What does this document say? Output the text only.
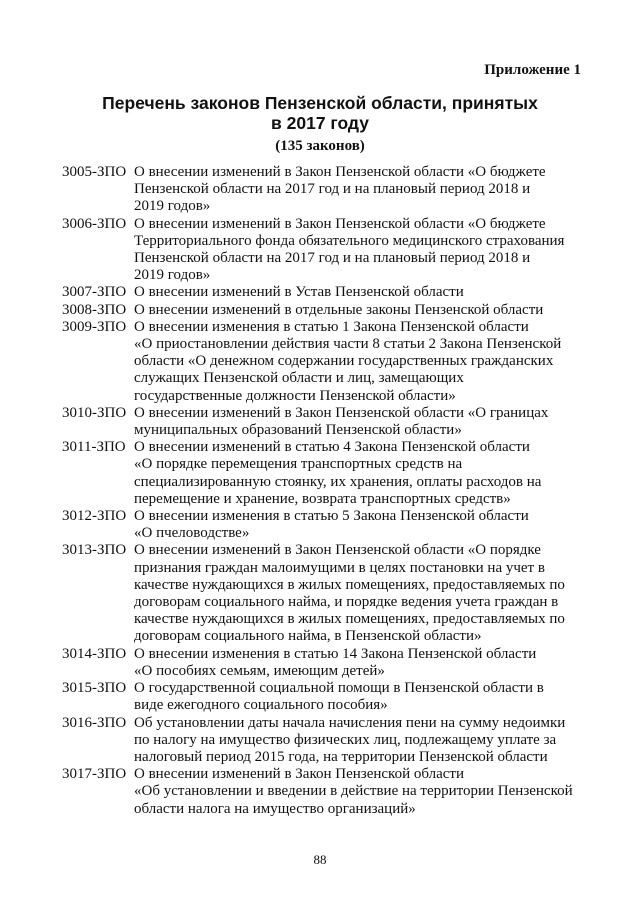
Приложение 1
Перечень законов Пензенской области, принятых
в 2017 году
(135 законов)
3005-ЗПО О внесении изменений в Закон Пензенской области «О бюджете
Пензенской области на 2017 год и на плановый период 2018 и
2019 годов»
3006-ЗПО О внесении изменений в Закон Пензенской области «О бюджете
Территориального фонда обязательного медицинского страхования
Пензенской области на 2017 год и на плановый период 2018 и
2019 годов»
3007-ЗПО О внесении изменений в Устав Пензенской области
3008-ЗПО О внесении изменений в отдельные законы Пензенской области
3009-ЗПО О внесении изменения в статью 1 Закона Пензенской области
«О приостановлении действия части 8 статьи 2 Закона Пензенской
области «О денежном содержании государственных гражданских
служащих Пензенской области и лиц, замещающих
государственные должности Пензенской области»
3010-ЗПО О внесении изменений в Закон Пензенской области «О границах
муниципальных образований Пензенской области»
3011-ЗПО О внесении изменений в статью 4 Закона Пензенской области
«О порядке перемещения транспортных средств на
специализированную стоянку, их хранения, оплаты расходов на
перемещение и хранение, возврата транспортных средств»
3012-ЗПО О внесении изменения в статью 5 Закона Пензенской области
«О пчеловодстве»
3013-ЗПО О внесении изменений в Закон Пензенской области «О порядке
признания граждан малоимущими в целях постановки на учет в
качестве нуждающихся в жилых помещениях, предоставляемых по
договорам социального найма, и порядке ведения учета граждан в
качестве нуждающихся в жилых помещениях, предоставляемых по
договорам социального найма, в Пензенской области»
3014-ЗПО О внесении изменения в статью 14 Закона Пензенской области
«О пособиях семьям, имеющим детей»
3015-ЗПО О государственной социальной помощи в Пензенской области в
виде ежегодного социального пособия»
3016-ЗПО Об установлении даты начала начисления пени на сумму недоимки
по налогу на имущество физических лиц, подлежащему уплате за
налоговый период 2015 года, на территории Пензенской области
3017-ЗПО О внесении изменений в Закон Пензенской области
«Об установлении и введении в действие на территории Пензенской
области налога на имущество организаций»
88
